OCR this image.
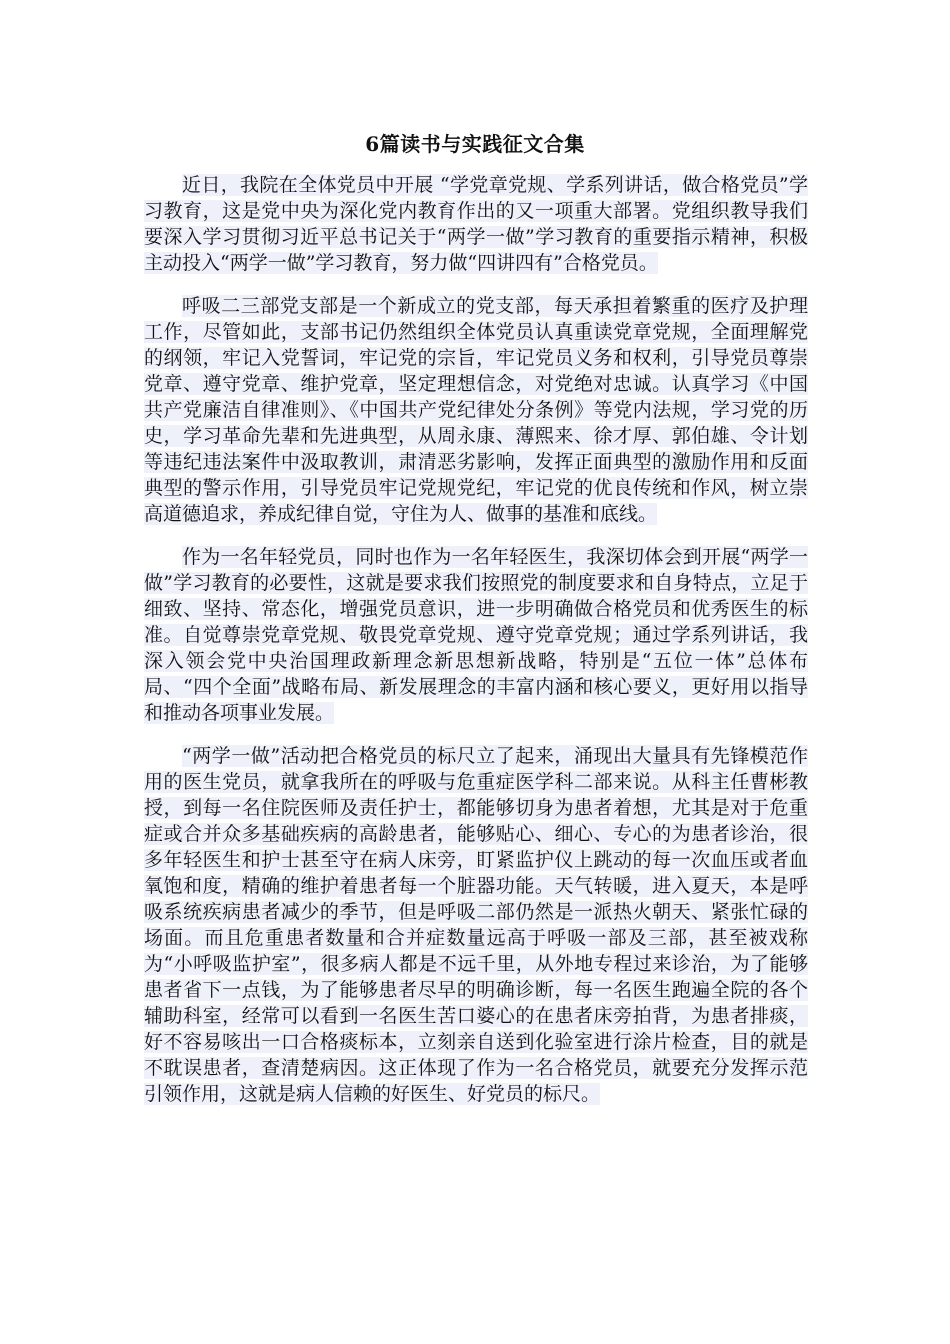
6篇读书与实践征文合集

近日，我院在全体党员中开展 “学党章党规、学系列讲话，做合格党员”学习教育，这是党中央为深化党内教育作出的又一项重大部署。党组织教导我们要深入学习贯彻习近平总书记关于“两学一做”学习教育的重要指示精神，积极主动投入“两学一做”学习教育，努力做“四讲四有”合格党员。

呼吸二三部党支部是一个新成立的党支部，每天承担着繁重的医疗及护理工作，尽管如此，支部书记仍然组织全体党员认真重读党章党规，全面理解党的纲领，牢记入党誓词，牢记党的宗旨，牢记党员义务和权利，引导党员尊崇党章、遵守党章、维护党章，坚定理想信念，对党绝对忠诚。认真学习《中国共产党廉洁自律准则》、《中国共产党纪律处分条例》等党内法规，学习党的历史，学习革命先辈和先进典型，从周永康、薄熙来、徐才厚、郭伯雄、令计划等违纪违法案件中汲取教训，肃清恶劣影响，发挥正面典型的激励作用和反面典型的警示作用，引导党员牢记党规党纪，牢记党的优良传统和作风，树立崇高道德追求，养成纪律自觉，守住为人、做事的基准和底线。

作为一名年轻党员，同时也作为一名年轻医生，我深切体会到开展“两学一做”学习教育的必要性，这就是要求我们按照党的制度要求和自身特点，立足于细致、坚持、常态化，增强党员意识，进一步明确做合格党员和优秀医生的标准。自觉尊崇党章党规、敬畏党章党规、遵守党章党规；通过学系列讲话，我深入领会党中央治国理政新理念新思想新战略，特别是“五位一体”总体布局、“四个全面”战略布局、新发展理念的丰富内涵和核心要义，更好用以指导和推动各项事业发展。

“两学一做”活动把合格党员的标尺立了起来，涌现出大量具有先锋模范作用的医生党员，就拿我所在的呼吸与危重症医学科二部来说。从科主任曹彬教授，到每一名住院医师及责任护士，都能够切身为患者着想，尤其是对于危重症或合并众多基础疾病的高龄患者，能够贴心、细心、专心的为患者诊治，很多年轻医生和护士甚至守在病人床旁，盯紧监护仪上跳动的每一次血压或者血氧饱和度，精确的维护着患者每一个脏器功能。天气转暖，进入夏天，本是呼吸系统疾病患者减少的季节，但是呼吸二部仍然是一派热火朝天、紧张忙碌的场面。而且危重患者数量和合并症数量远高于呼吸一部及三部，甚至被戏称为“小呼吸监护室”，很多病人都是不远千里，从外地专程过来诊治，为了能够患者省下一点钱，为了能够患者尽早的明确诊断，每一名医生跑遍全院的各个辅助科室，经常可以看到一名医生苦口婆心的在患者床旁拍背，为患者排痰，好不容易咳出一口合格痰标本，立刻亲自送到化验室进行涂片检查，目的就是不耽误患者，查清楚病因。这正体现了作为一名合格党员，就要充分发挥示范引领作用，这就是病人信赖的好医生、好党员的标尺。
